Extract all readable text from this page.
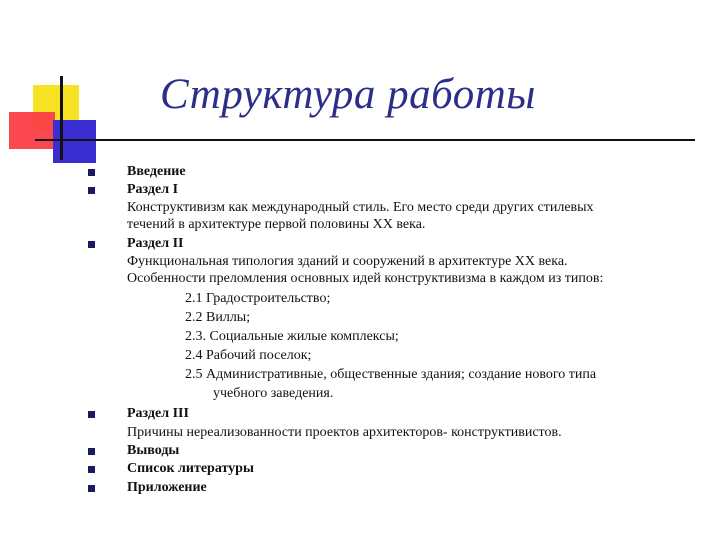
Структура работы
Введение
Раздел I
Конструктивизм как международный стиль. Его место среди других стилевых
течений в архитектуре первой половины XX века.
Раздел II
Функциональная типология зданий и сооружений в архитектуре XX века.
Особенности преломления основных идей конструктивизма в каждом из типов:
2.1 Градостроительство;
2.2 Виллы;
2.3. Социальные жилые комплексы;
2.4 Рабочий поселок;
2.5 Административные, общественные здания; создание нового типа
учебного заведения.
Раздел III
Причины нереализованности проектов архитекторов- конструктивистов.
Выводы
Список литературы
Приложение
